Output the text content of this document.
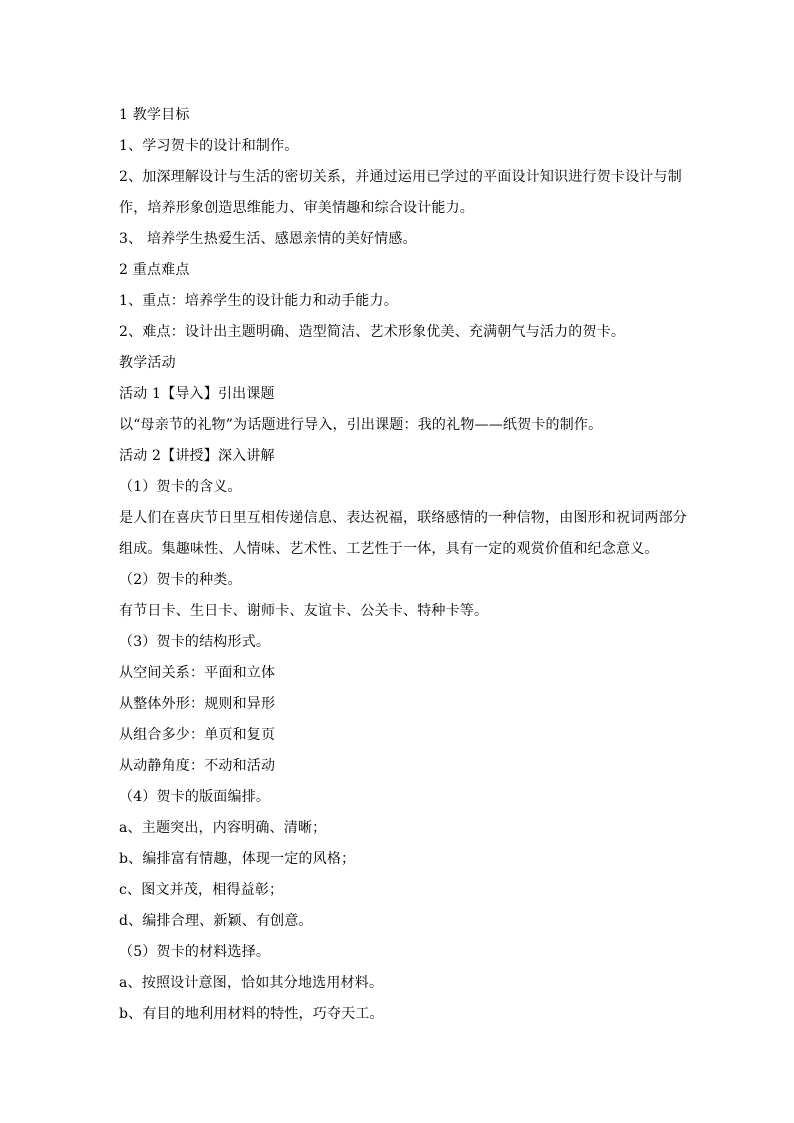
1 教学目标
1、学习贺卡的设计和制作。
2、加深理解设计与生活的密切关系，并通过运用已学过的平面设计知识进行贺卡设计与制
作，培养形象创造思维能力、审美情趣和综合设计能力。
3、 培养学生热爱生活、感恩亲情的美好情感。
2 重点难点
1、重点：培养学生的设计能力和动手能力。
2、难点：设计出主题明确、造型简洁、艺术形象优美、充满朝气与活力的贺卡。
教学活动
活动 1【导入】引出课题
以“母亲节的礼物”为话题进行导入，引出课题：我的礼物——纸贺卡的制作。
活动 2【讲授】深入讲解
（1）贺卡的含义。
是人们在喜庆节日里互相传递信息、表达祝福，联络感情的一种信物，由图形和祝词两部分
组成。集趣味性、人情味、艺术性、工艺性于一体，具有一定的观赏价值和纪念意义。
（2）贺卡的种类。
有节日卡、生日卡、谢师卡、友谊卡、公关卡、特种卡等。
（3）贺卡的结构形式。
从空间关系：平面和立体
从整体外形：规则和异形
从组合多少：单页和复页
从动静角度：不动和活动
（4）贺卡的版面编排。
a、主题突出，内容明确、清晰；
b、编排富有情趣，体现一定的风格；
c、图文并茂，相得益彰；
d、编排合理、新颖、有创意。
（5）贺卡的材料选择。
a、按照设计意图，恰如其分地选用材料。
b、有目的地利用材料的特性，巧夺天工。
